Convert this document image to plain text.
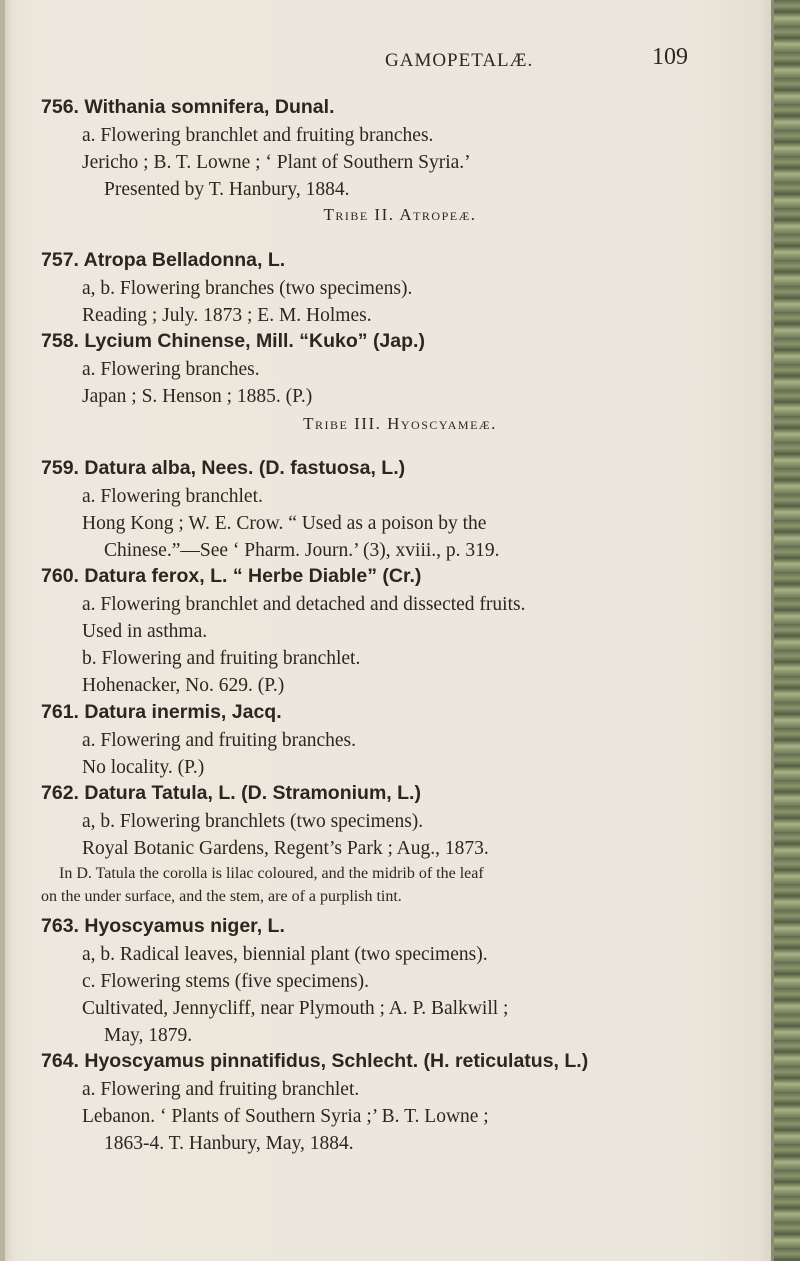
GAMOPETALÆ.	109
756. Withania somnifera, Dunal.
a. Flowering branchlet and fruiting branches.
Jericho ; B. T. Lowne ; ‘ Plant of Southern Syria.’
Presented by T. Hanbury, 1884.
Tribe II. Atropeæ.
757. Atropa Belladonna, L.
a, b. Flowering branches (two specimens).
Reading ; July. 1873 ; E. M. Holmes.
758. Lycium Chinense, Mill. “Kuko” (Jap.)
a. Flowering branches.
Japan ; S. Henson ; 1885. (P.)
Tribe III. Hyoscyameæ.
759. Datura alba, Nees. (D. fastuosa, L.)
a. Flowering branchlet.
Hong Kong ; W. E. Crow. “ Used as a poison by the
Chinese.”—See ‘ Pharm. Journ.’ (3), xviii., p. 319.
760. Datura ferox, L. “ Herbe Diable” (Cr.)
a. Flowering branchlet and detached and dissected fruits.
Used in asthma.
b. Flowering and fruiting branchlet.
Hohenacker, No. 629. (P.)
761. Datura inermis, Jacq.
a. Flowering and fruiting branches.
No locality. (P.)
762. Datura Tatula, L. (D. Stramonium, L.)
a, b. Flowering branchlets (two specimens).
Royal Botanic Gardens, Regent’s Park ; Aug., 1873.
In D. Tatula the corolla is lilac coloured, and the midrib of the leaf
on the under surface, and the stem, are of a purplish tint.
763. Hyoscyamus niger, L.
a, b. Radical leaves, biennial plant (two specimens).
c. Flowering stems (five specimens).
Cultivated, Jennycliff, near Plymouth ; A. P. Balkwill ;
May, 1879.
764. Hyoscyamus pinnatifidus, Schlecht. (H. reticulatus, L.)
a. Flowering and fruiting branchlet.
Lebanon. ‘ Plants of Southern Syria ;’ B. T. Lowne ;
1863-4. T. Hanbury, May, 1884.
